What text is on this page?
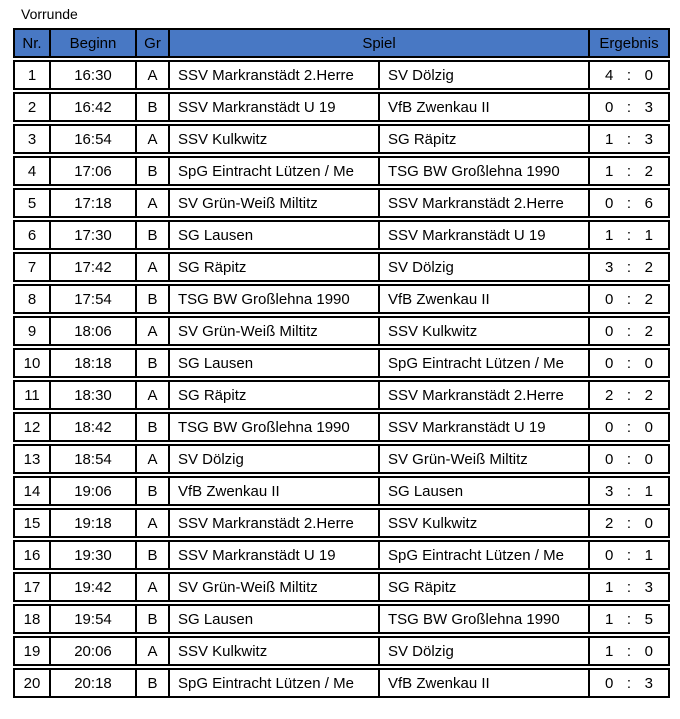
Vorrunde
Nr.	Beginn	Gr	Spiel		Ergebnis
1	16:30	A	SSV Markranstädt 2.Herre	SV Dölzig	4 : 0

2	16:42	B	SSV Markranstädt U 19	VfB Zwenkau II	0 : 3

3	16:54	A	SSV Kulkwitz	SG Räpitz	1 : 3

4	17:06	B	SpG Eintracht Lützen / Me	TSG BW Großlehna 1990	1 : 2

5	17:18	A	SV Grün-Weiß Miltitz	SSV Markranstädt 2.Herre	0 : 6

6	17:30	B	SG Lausen	SSV Markranstädt U 19	1 : 1

7	17:42	A	SG Räpitz	SV Dölzig	3 : 2

8	17:54	B	TSG BW Großlehna 1990	VfB Zwenkau II	0 : 2

9	18:06	A	SV Grün-Weiß Miltitz	SSV Kulkwitz	0 : 2

10	18:18	B	SG Lausen	SpG Eintracht Lützen / Me	0 : 0

11	18:30	A	SG Räpitz	SSV Markranstädt 2.Herre	2 : 2

12	18:42	B	TSG BW Großlehna 1990	SSV Markranstädt U 19	0 : 0

13	18:54	A	SV Dölzig	SV Grün-Weiß Miltitz	0 : 0

14	19:06	B	VfB Zwenkau II	SG Lausen	3 : 1

15	19:18	A	SSV Markranstädt 2.Herre	SSV Kulkwitz	2 : 0

16	19:30	B	SSV Markranstädt U 19	SpG Eintracht Lützen / Me	0 : 1

17	19:42	A	SV Grün-Weiß Miltitz	SG Räpitz	1 : 3

18	19:54	B	SG Lausen	TSG BW Großlehna 1990	1 : 5

19	20:06	A	SSV Kulkwitz	SV Dölzig	1 : 0

20	20:18	B	SpG Eintracht Lützen / Me	VfB Zwenkau II	0 : 3
